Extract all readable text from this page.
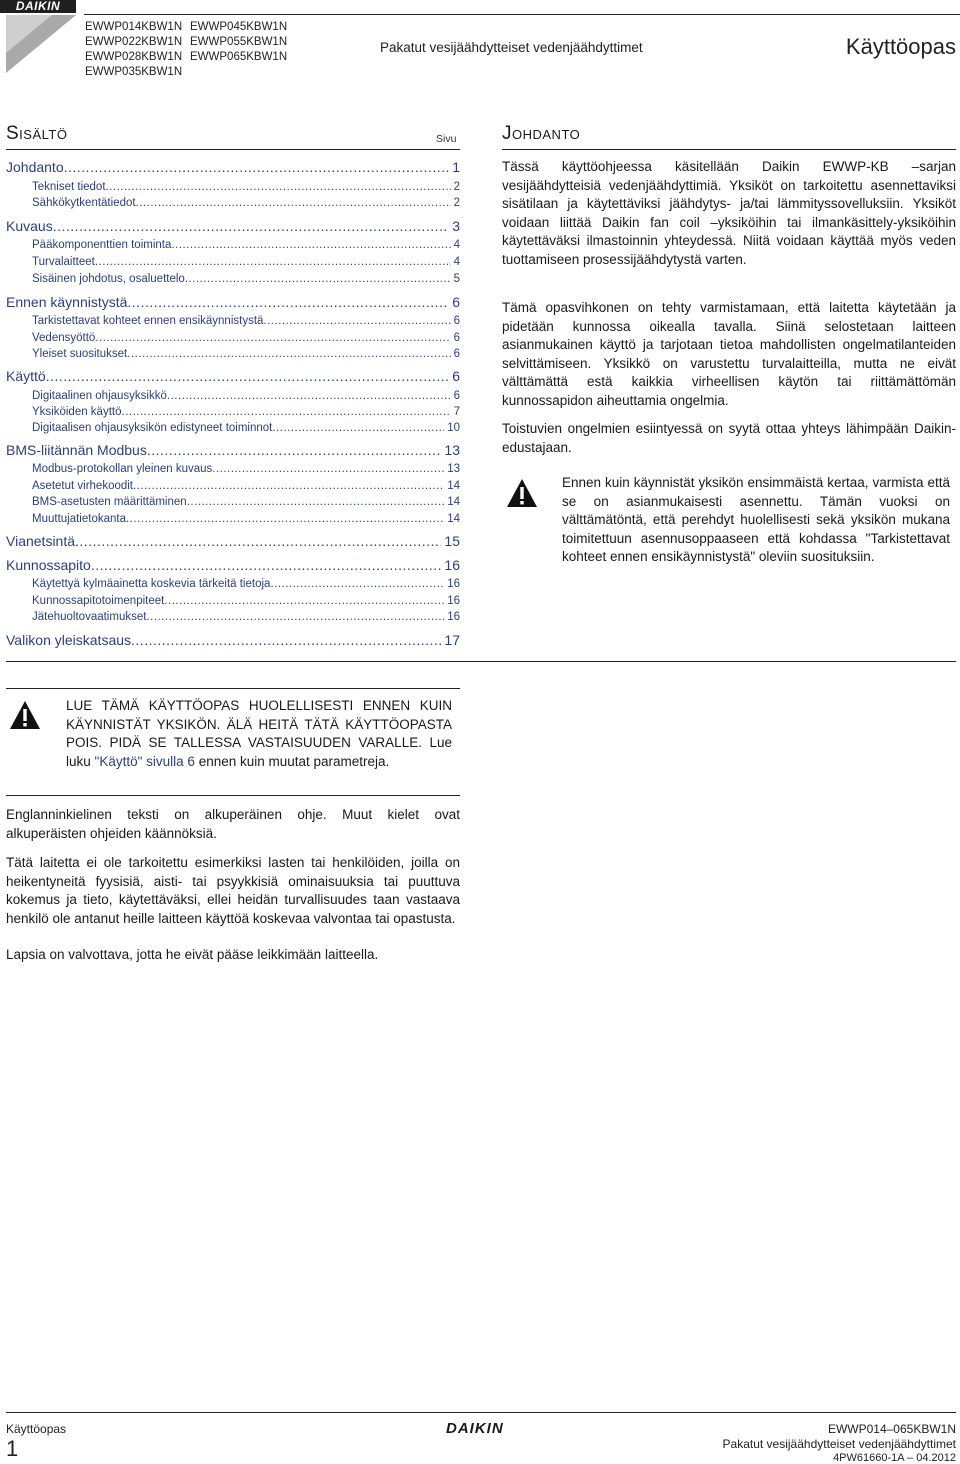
DAIKIN
EWWP014KBW1N
EWWP022KBW1N
EWWP028KBW1N
EWWP035KBW1N
EWWP045KBW1N
EWWP055KBW1N
EWWP065KBW1N
Pakatut vesijäähdytteiset vedenjäähdyttimet	Käyttöopas
Sisältö	Sivu
Johdanto .....	1
Tekniset tiedot .....	2
Sähkökytkentätiedot .....	2
Kuvaus .....	3
Pääkomponenttien toiminta .....	4
Turvalaitteet .....	4
Sisäinen johdotus, osaluettelo .....	5
Ennen käynnistystä .....	6
Tarkistettavat kohteet ennen ensikäynnistystä .....	6
Vedensyöttö .....	6
Yleiset suositukset .....	6
Käyttö .....	6
Digitaalinen ohjausyksikkö .....	6
Yksiköiden käyttö .....	7
Digitaalisen ohjausyksikön edistyneet toiminnot .....	10
BMS-liitännän Modbus .....	13
Modbus-protokollan yleinen kuvaus .....	13
Asetetut virhekoodit .....	14
BMS-asetusten määrittäminen .....	14
Muuttujatietokanta .....	14
Vianetsintä .....	15
Kunnossapito .....	16
Käytettyä kylmäainetta koskevia tärkeitä tietoja .....	16
Kunnossapitotoimenpiteet .....	16
Jätehuoltovaatimukset .....	16
Valikon yleiskatsaus .....	17
Johdanto
Tässä käyttöohjeessa käsitellään Daikin EWWP-KB –sarjan vesijäähdytteisiä vedenjäähdyttimiä. Yksiköt on tarkoitettu asennettaviksi sisätilaan ja käytettäviksi jäähdytys- ja/tai lämmityssovelluksiin. Yksiköt voidaan liittää Daikin fan coil –yksiköihin tai ilmankäsittely-yksiköihin käytettäväksi ilmastoinnin yhteydessä. Niitä voidaan käyttää myös veden tuottamiseen prosessijäähdytystä varten.
Tämä opasvihkonen on tehty varmistamaan, että laitetta käytetään ja pidetään kunnossa oikealla tavalla. Siinä selostetaan laitteen asianmukainen käyttö ja tarjotaan tietoa mahdollisten ongelmatilanteiden selvittämiseen. Yksikkö on varustettu turvalaitteilla, mutta ne eivät välttämättä estä kaikkia virheellisen käytön tai riittämättömän kunnossapidon aiheuttamia ongelmia.
Toistuvien ongelmien esiintyessä on syytä ottaa yhteys lähimpään Daikin-edustajaan.
Ennen kuin käynnistät yksikön ensimmäistä kertaa, varmista että se on asianmukaisesti asennettu. Tämän vuoksi on välttämätöntä, että perehdyt huolellisesti sekä yksikön mukana toimitettuun asennusoppaaseen että kohdassa "Tarkistettavat kohteet ennen ensikäynnistystä" oleviin suosituksiin.
LUE TÄMÄ KÄYTTÖOPAS HUOLELLISESTI ENNEN KUIN KÄYNNISTÄT YKSIKÖN. ÄLÄ HEITÄ TÄTÄ KÄYTTÖOPASTA POIS. PIDÄ SE TALLESSA VASTAISUUDEN VARALLE. Lue luku "Käyttö" sivulla 6 ennen kuin muutat parametreja.
Englanninkielinen teksti on alkuperäinen ohje. Muut kielet ovat alkuperäisten ohjeiden käännöksiä.
Tätä laitetta ei ole tarkoitettu esimerkiksi lasten tai henkilöiden, joilla on heikentyneitä fyysisiä, aisti- tai psyykkisiä ominaisuuksia tai puuttuva kokemus ja tieto, käytettäväksi, ellei heidän turvallisuudes taan vastaava henkilö ole antanut heille laitteen käyttöä koskevaa valvontaa tai opastusta.
Lapsia on valvottava, jotta he eivät pääse leikkimään laitteella.
Käyttöopas
1
DAIKIN	EWWP014–065KBW1N
Pakatut vesijäähdytteiset vedenjäähdyttimet
4PW61660-1A – 04.2012
